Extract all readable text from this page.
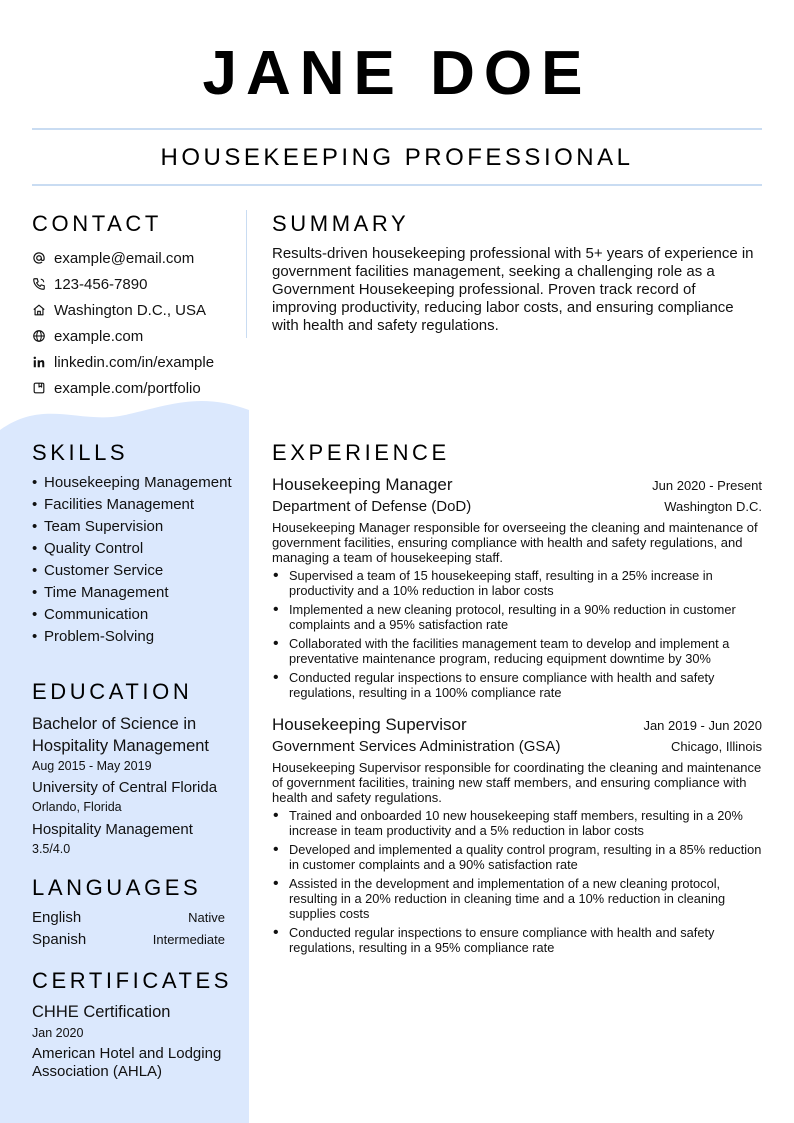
JANE DOE
HOUSEKEEPING PROFESSIONAL
CONTACT
example@email.com
123-456-7890
Washington D.C., USA
example.com
linkedin.com/in/example
example.com/portfolio
SKILLS
• Housekeeping Management
• Facilities Management
• Team Supervision
• Quality Control
• Customer Service
• Time Management
• Communication
• Problem-Solving
EDUCATION
Bachelor of Science in Hospitality Management
Aug 2015 - May 2019
University of Central Florida
Orlando, Florida
Hospitality Management
3.5/4.0
LANGUAGES
English	Native
Spanish	Intermediate
CERTIFICATES
CHHE Certification
Jan 2020
American Hotel and Lodging Association (AHLA)
SUMMARY

Results-driven housekeeping professional with 5+ years of experience in government facilities management, seeking a challenging role as a Government Housekeeping professional. Proven track record of improving productivity, reducing labor costs, and ensuring compliance with health and safety regulations.

EXPERIENCE
Housekeeping Manager	Jun 2020 - Present
Department of Defense (DoD)	Washington D.C.
Housekeeping Manager responsible for overseeing the cleaning and maintenance of government facilities, ensuring compliance with health and safety regulations, and managing a team of housekeeping staff.
• Supervised a team of 15 housekeeping staff, resulting in a 25% increase in productivity and a 10% reduction in labor costs
• Implemented a new cleaning protocol, resulting in a 90% reduction in customer complaints and a 95% satisfaction rate
• Collaborated with the facilities management team to develop and implement a preventative maintenance program, reducing equipment downtime by 30%
• Conducted regular inspections to ensure compliance with health and safety regulations, resulting in a 100% compliance rate
Housekeeping Supervisor	Jan 2019 - Jun 2020
Government Services Administration (GSA)	Chicago, Illinois
Housekeeping Supervisor responsible for coordinating the cleaning and maintenance of government facilities, training new staff members, and ensuring compliance with health and safety regulations.
• Trained and onboarded 10 new housekeeping staff members, resulting in a 20% increase in team productivity and a 5% reduction in labor costs
• Developed and implemented a quality control program, resulting in a 85% reduction in customer complaints and a 90% satisfaction rate
• Assisted in the development and implementation of a new cleaning protocol, resulting in a 20% reduction in cleaning time and a 10% reduction in cleaning supplies costs
• Conducted regular inspections to ensure compliance with health and safety regulations, resulting in a 95% compliance rate
